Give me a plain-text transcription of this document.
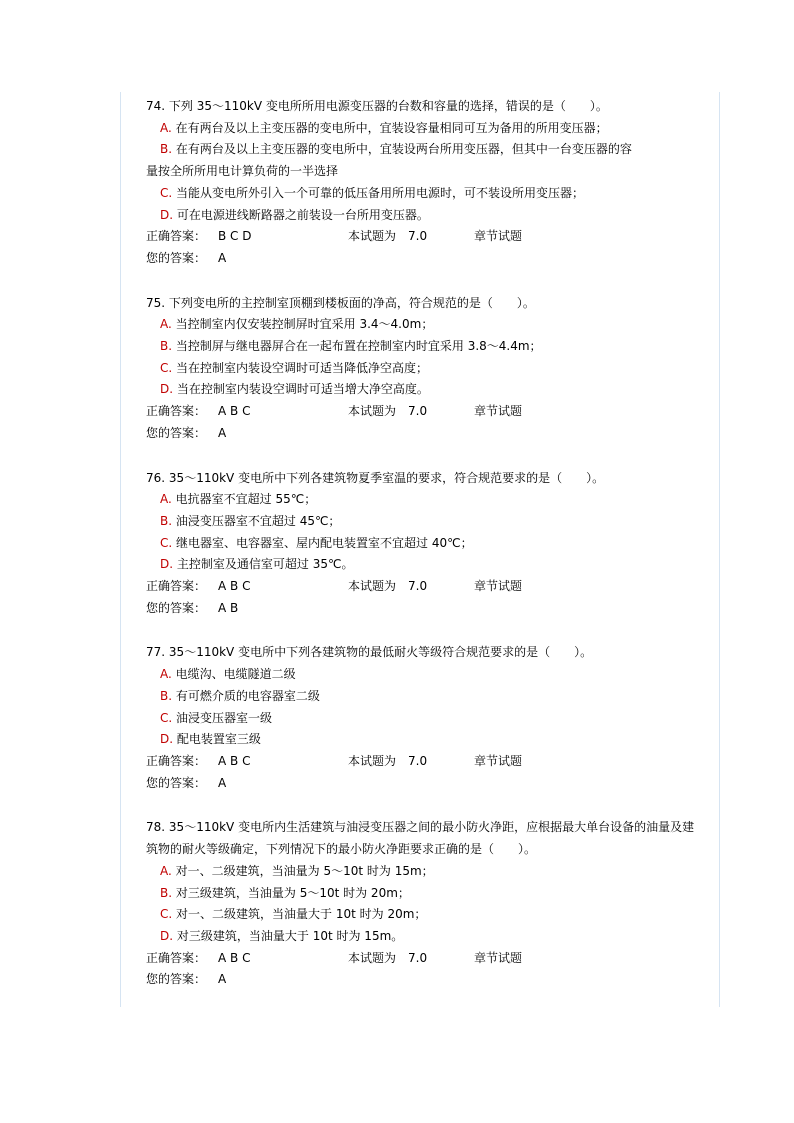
74. 下列 35～110kV 变电所所用电源变压器的台数和容量的选择，错误的是（　　）。
A. 在有两台及以上主变压器的变电所中，宜装设容量相同可互为备用的所用变压器；
B. 在有两台及以上主变压器的变电所中，宜装设两台所用变压器，但其中一台变压器的容
量按全所所用电计算负荷的一半选择
C. 当能从变电所外引入一个可靠的低压备用所用电源时，可不装设所用变压器；
D. 可在电源进线断路器之前装设一台所用变压器。
正确答案： B C D	本试题为　7.0	章节试题
您的答案： A
75. 下列变电所的主控制室顶棚到楼板面的净高，符合规范的是（　　）。
A. 当控制室内仅安装控制屏时宜采用 3.4～4.0m；
B. 当控制屏与继电器屏合在一起布置在控制室内时宜采用 3.8～4.4m；
C. 当在控制室内装设空调时可适当降低净空高度；
D. 当在控制室内装设空调时可适当增大净空高度。
正确答案： A B C	本试题为　7.0	章节试题
您的答案： A
76. 35～110kV 变电所中下列各建筑物夏季室温的要求，符合规范要求的是（　　）。
A. 电抗器室不宜超过 55℃；
B. 油浸变压器室不宜超过 45℃；
C. 继电器室、电容器室、屋内配电装置室不宜超过 40℃；
D. 主控制室及通信室可超过 35℃。
正确答案： A B C	本试题为　7.0	章节试题
您的答案： A B
77. 35～110kV 变电所中下列各建筑物的最低耐火等级符合规范要求的是（　　）。
A. 电缆沟、电缆隧道二级
B. 有可燃介质的电容器室二级
C. 油浸变压器室一级
D. 配电装置室三级
正确答案： A B C	本试题为　7.0	章节试题
您的答案： A
78. 35～110kV 变电所内生活建筑与油浸变压器之间的最小防火净距，应根据最大单台设备的油量及建筑物的耐火等级确定，下列情况下的最小防火净距要求正确的是（　　）。
A. 对一、二级建筑，当油量为 5～10t 时为 15m；
B. 对三级建筑，当油量为 5～10t 时为 20m；
C. 对一、二级建筑，当油量大于 10t 时为 20m；
D. 对三级建筑，当油量大于 10t 时为 15m。
正确答案： A B C	本试题为　7.0	章节试题
您的答案： A
